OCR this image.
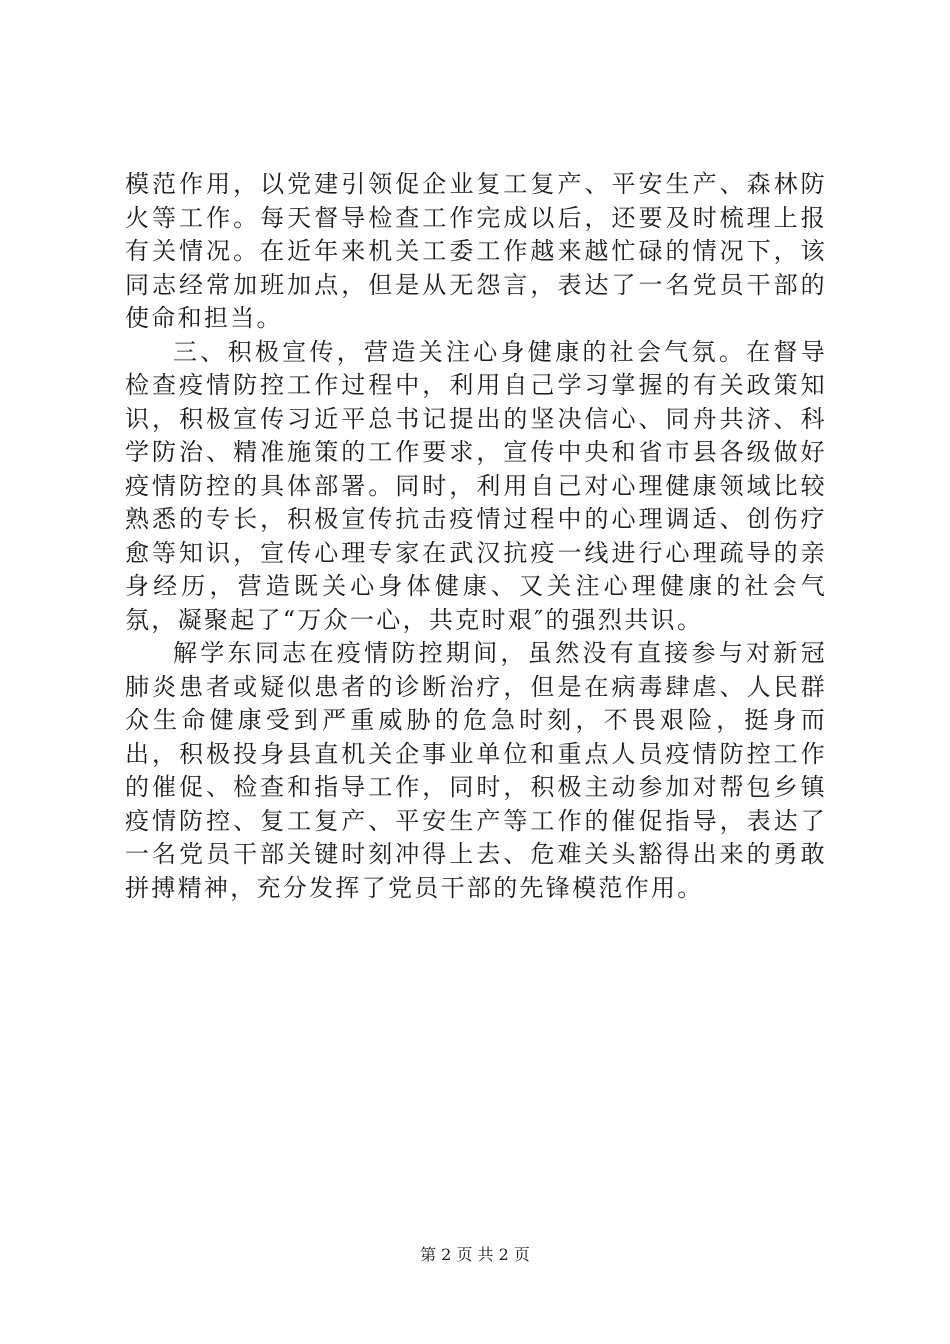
模范作用，以党建引领促企业复工复产、平安生产、森林防火等工作。每天督导检查工作完成以后，还要及时梳理上报有关情况。在近年来机关工委工作越来越忙碌的情况下，该同志经常加班加点，但是从无怨言，表达了一名党员干部的使命和担当。

三、积极宣传，营造关注心身健康的社会气氛。在督导检查疫情防控工作过程中，利用自己学习掌握的有关政策知识，积极宣传习近平总书记提出的坚决信心、同舟共济、科学防治、精准施策的工作要求，宣传中央和省市县各级做好疫情防控的具体部署。同时，利用自己对心理健康领域比较熟悉的专长，积极宣传抗击疫情过程中的心理调适、创伤疗愈等知识，宣传心理专家在武汉抗疫一线进行心理疏导的亲身经历，营造既关心身体健康、又关注心理健康的社会气氛，凝聚起了“万众一心，共克时艰″的强烈共识。

解学东同志在疫情防控期间，虽然没有直接参与对新冠肺炎患者或疑似患者的诊断治疗，但是在病毒肆虐、人民群众生命健康受到严重威胁的危急时刻，不畏艰险，挺身而出，积极投身县直机关企事业单位和重点人员疫情防控工作的催促、检查和指导工作，同时，积极主动参加对帮包乡镇疫情防控、复工复产、平安生产等工作的催促指导，表达了一名党员干部关键时刻冲得上去、危难关头豁得出来的勇敢拼搏精神，充分发挥了党员干部的先锋模范作用。

第 2 页 共 2 页
